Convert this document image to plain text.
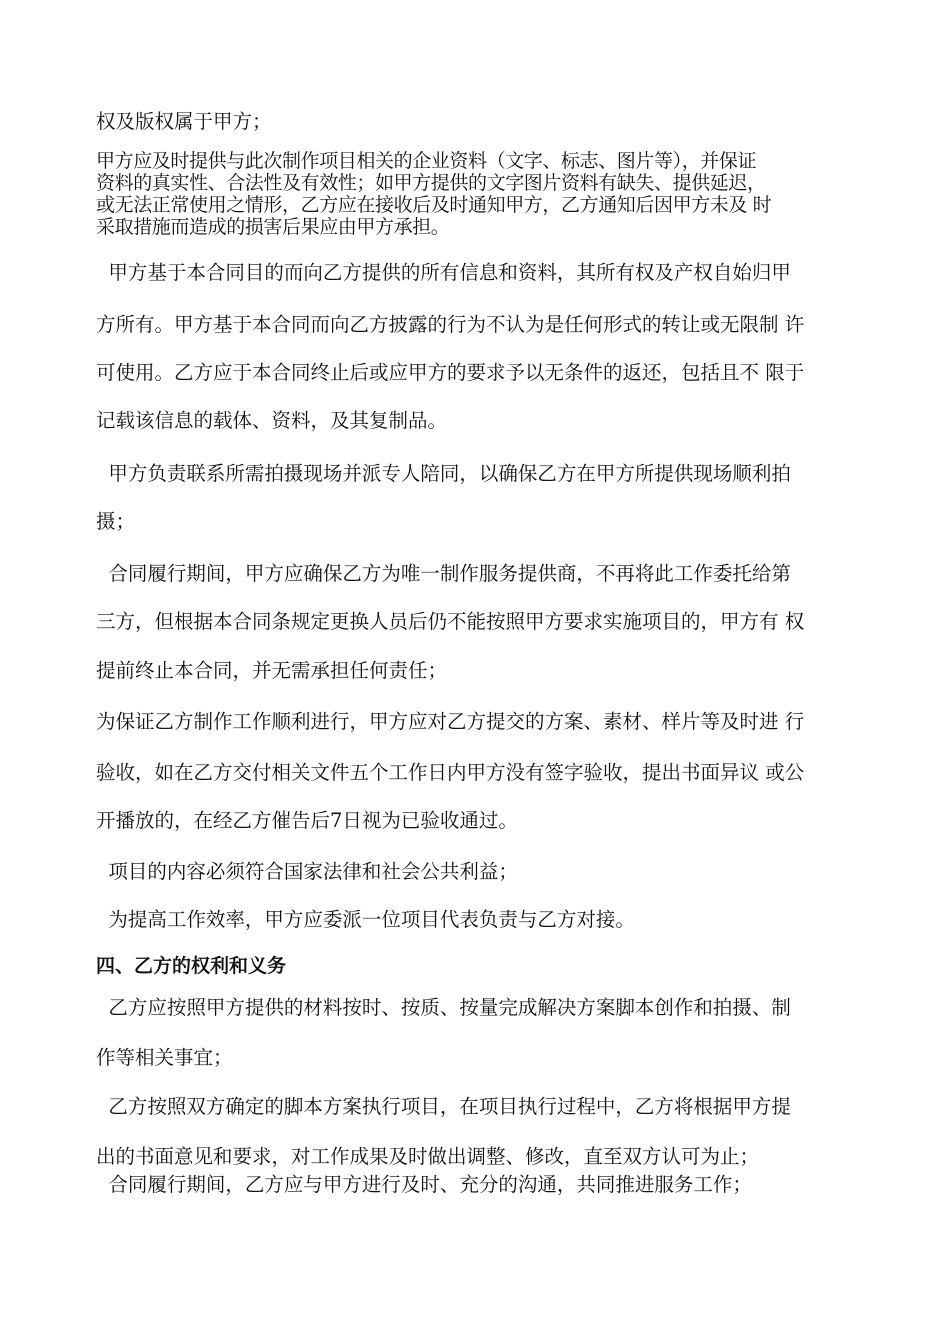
权及版权属于甲方；
甲方应及时提供与此次制作项目相关的企业资料（文字、标志、图片等），并保证
资料的真实性、合法性及有效性；如甲方提供的文字图片资料有缺失、提供延迟，
或无法正常使用之情形，乙方应在接收后及时通知甲方，乙方通知后因甲方未及 时
采取措施而造成的损害后果应由甲方承担。
甲方基于本合同目的而向乙方提供的所有信息和资料，其所有权及产权自始归甲
方所有。甲方基于本合同而向乙方披露的行为不认为是任何形式的转让或无限制 许
可使用。乙方应于本合同终止后或应甲方的要求予以无条件的返还，包括且不 限于
记载该信息的载体、资料，及其复制品。
甲方负责联系所需拍摄现场并派专人陪同，以确保乙方在甲方所提供现场顺利拍
摄；
合同履行期间，甲方应确保乙方为唯一制作服务提供商，不再将此工作委托给第
三方，但根据本合同条规定更换人员后仍不能按照甲方要求实施项目的，甲方有 权
提前终止本合同，并无需承担任何责任；
为保证乙方制作工作顺利进行，甲方应对乙方提交的方案、素材、样片等及时进 行
验收，如在乙方交付相关文件五个工作日内甲方没有签字验收，提出书面异议 或公
开播放的，在经乙方催告后7日视为已验收通过。
项目的内容必须符合国家法律和社会公共利益；
为提高工作效率，甲方应委派一位项目代表负责与乙方对接。
四、乙方的权利和义务
乙方应按照甲方提供的材料按时、按质、按量完成解决方案脚本创作和拍摄、制
作等相关事宜；
乙方按照双方确定的脚本方案执行项目，在项目执行过程中，乙方将根据甲方提
出的书面意见和要求，对工作成果及时做出调整、修改，直至双方认可为止；
合同履行期间，乙方应与甲方进行及时、充分的沟通，共同推进服务工作；
